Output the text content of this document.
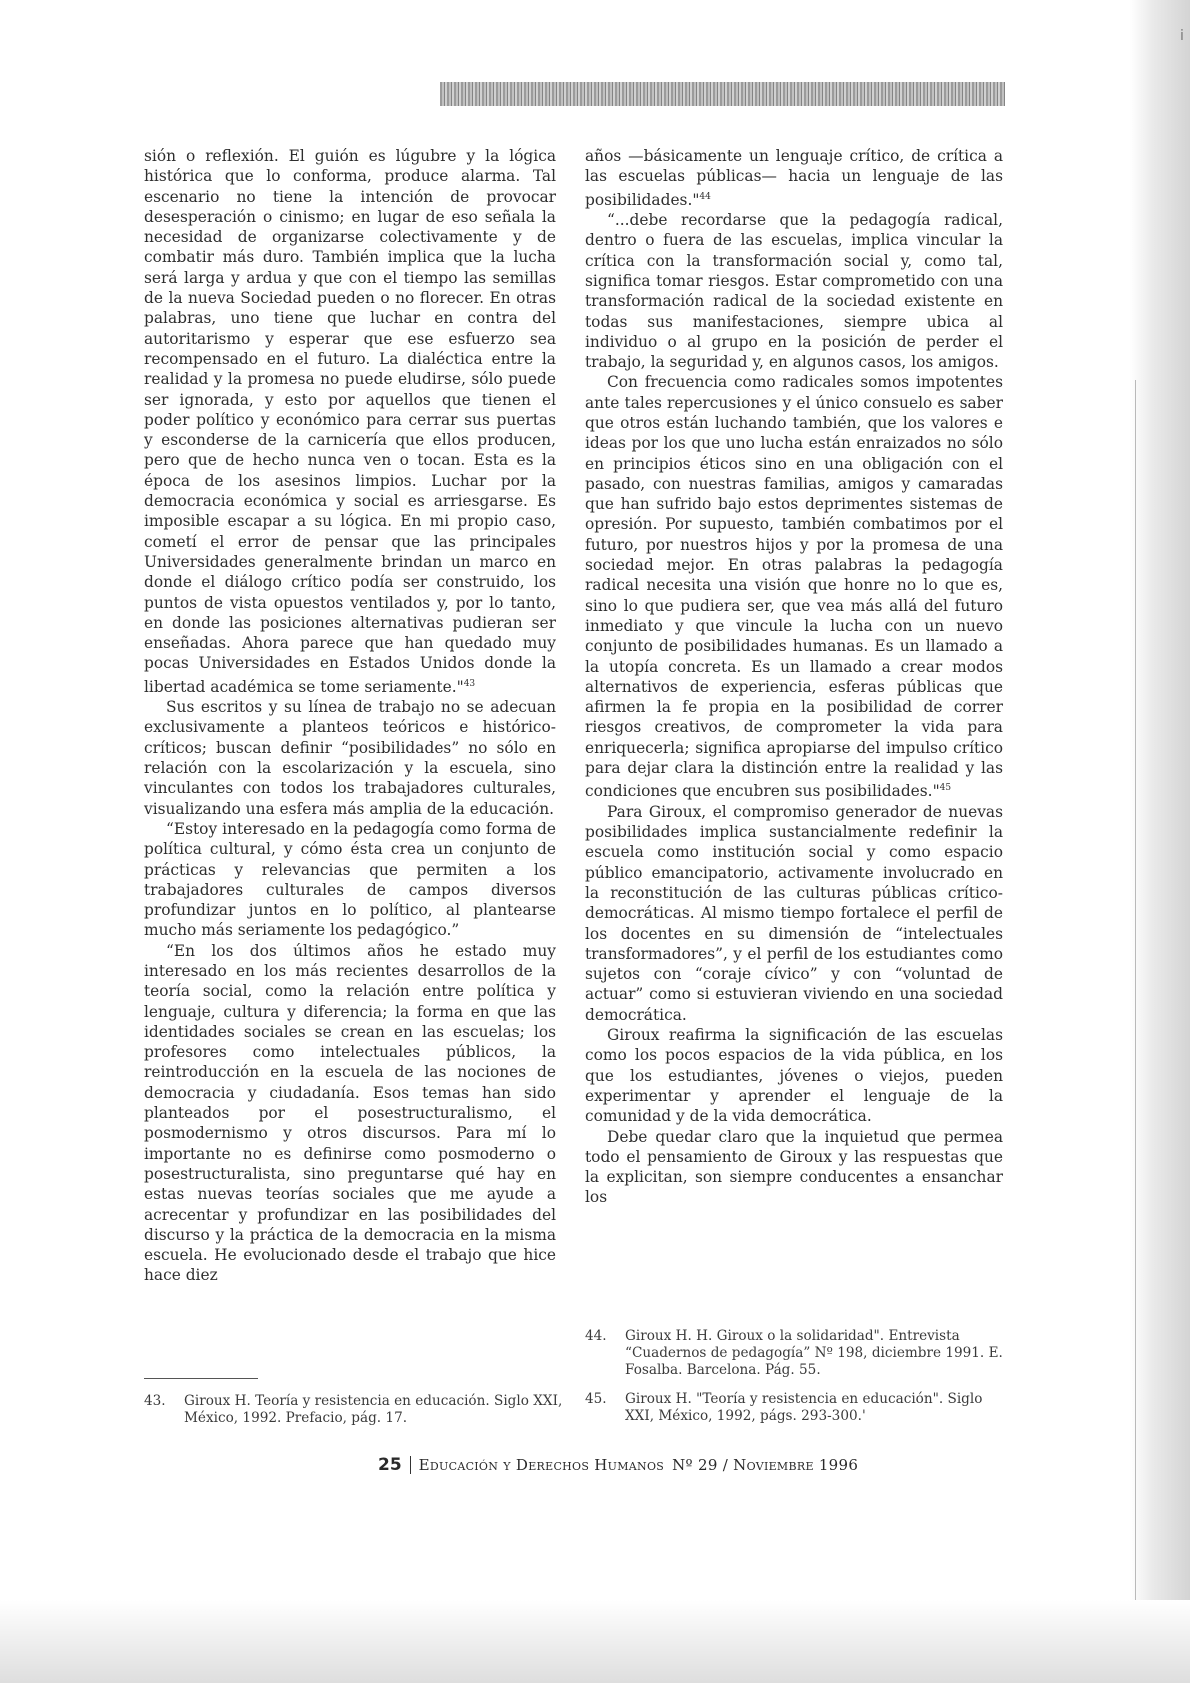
ⅰ

sión o reflexión. El guión es lúgubre y la lógica histórica que lo conforma, produce alarma. Tal escenario no tiene la intención de provocar desesperación o cinismo; en lugar de eso señala la necesidad de organizarse colectivamente y de combatir más duro. También implica que la lucha será larga y ardua y que con el tiempo las semillas de la nueva Sociedad pueden o no florecer. En otras palabras, uno tiene que luchar en contra del autoritarismo y esperar que ese esfuerzo sea recompensado en el futuro. La dialéctica entre la realidad y la promesa no puede eludirse, sólo puede ser ignorada, y esto por aquellos que tienen el poder político y económico para cerrar sus puertas y esconderse de la carnicería que ellos producen, pero que de hecho nunca ven o tocan. Esta es la época de los asesinos limpios. Luchar por la democracia económica y social es arriesgarse. Es imposible escapar a su lógica. En mi propio caso, cometí el error de pensar que las principales Universidades generalmente brindan un marco en donde el diálogo crítico podía ser construido, los puntos de vista opuestos ventilados y, por lo tanto, en donde las posiciones alternativas pudieran ser enseñadas. Ahora parece que han quedado muy pocas Universidades en Estados Unidos donde la libertad académica se tome seriamente."$^{43}$

Sus escritos y su línea de trabajo no se adecuan exclusivamente a planteos teóricos e histórico-críticos; buscan definir “posibilidades” no sólo en relación con la escolarización y la escuela, sino vinculantes con todos los trabajadores culturales, visualizando una esfera más amplia de la educación.

“Estoy interesado en la pedagogía como forma de política cultural, y cómo ésta crea un conjunto de prácticas y relevancias que permiten a los trabajadores culturales de campos diversos profundizar juntos en lo político, al plantearse mucho más seriamente los pedagógico.”

“En los dos últimos años he estado muy interesado en los más recientes desarrollos de la teoría social, como la relación entre política y lenguaje, cultura y diferencia; la forma en que las identidades sociales se crean en las escuelas; los profesores como intelectuales públicos, la reintroducción en la escuela de las nociones de democracia y ciudadanía. Esos temas han sido planteados por el posestructuralismo, el posmodernismo y otros discursos. Para mí lo importante no es definirse como posmoderno o posestructuralista, sino preguntarse qué hay en estas nuevas teorías sociales que me ayude a acrecentar y profundizar en las posibilidades del discurso y la práctica de la democracia en la misma escuela. He evolucionado desde el trabajo que hice hace diez

años —básicamente un lenguaje crítico, de crítica a las escuelas públicas— hacia un lenguaje de las posibilidades."$^{44}$

“...debe recordarse que la pedagogía radical, dentro o fuera de las escuelas, implica vincular la crítica con la transformación social y, como tal, significa tomar riesgos. Estar comprometido con una transformación radical de la sociedad existente en todas sus manifestaciones, siempre ubica al individuo o al grupo en la posición de perder el trabajo, la seguridad y, en algunos casos, los amigos.

Con frecuencia como radicales somos impotentes ante tales repercusiones y el único consuelo es saber que otros están luchando también, que los valores e ideas por los que uno lucha están enraizados no sólo en principios éticos sino en una obligación con el pasado, con nuestras familias, amigos y camaradas que han sufrido bajo estos deprimentes sistemas de opresión. Por supuesto, también combatimos por el futuro, por nuestros hijos y por la promesa de una sociedad mejor. En otras palabras la pedagogía radical necesita una visión que honre no lo que es, sino lo que pudiera ser, que vea más allá del futuro inmediato y que vincule la lucha con un nuevo conjunto de posibilidades humanas. Es un llamado a la utopía concreta. Es un llamado a crear modos alternativos de experiencia, esferas públicas que afirmen la fe propia en la posibilidad de correr riesgos creativos, de comprometer la vida para enriquecerla; significa apropiarse del impulso crítico para dejar clara la distinción entre la realidad y las condiciones que encubren sus posibilidades."$^{45}$

Para Giroux, el compromiso generador de nuevas posibilidades implica sustancialmente redefinir la escuela como institución social y como espacio público emancipatorio, activamente involucrado en la reconstitución de las culturas públicas crítico-democráticas. Al mismo tiempo fortalece el perfil de los docentes en su dimensión de “intelectuales transformadores”, y el perfil de los estudiantes como sujetos con “coraje cívico” y con “voluntad de actuar” como si estuvieran viviendo en una sociedad democrática.

Giroux reafirma la significación de las escuelas como los pocos espacios de la vida pública, en los que los estudiantes, jóvenes o viejos, pueden experimentar y aprender el lenguaje de la comunidad y de la vida democrática.

Debe quedar claro que la inquietud que permea todo el pensamiento de Giroux y las respuestas que la explicitan, son siempre conducentes a ensanchar los

43.	Giroux H. Teoría y resistencia en educación. Siglo XXI, México, 1992. Prefacio, pág. 17.
44.	Giroux H. H. Giroux o la solidaridad". Entrevista “Cuadernos de pedagogía” Nº 198, diciembre 1991. E. Fosalba. Barcelona. Pág. 55.
45.	Giroux H. "Teoría y resistencia en educación". Siglo XXI, México, 1992, págs. 293-300.'
25 Educación y Derechos Humanos Nº 29 / Noviembre 1996
